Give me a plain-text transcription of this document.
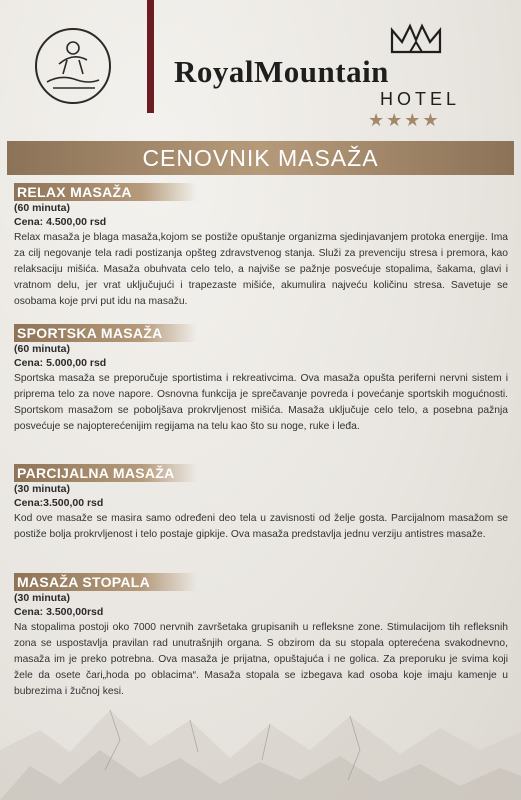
RoyalMountain
HOTEL
★★★★
CENOVNIK MASAŽA
RELAX MASAŽA
(60 minuta)
Cena: 4.500,00 rsd
Relax masaža je blaga masaža,kojom se postiže opuštanje organizma sjedinjavanjem protoka energije. Ima za cilj negovanje tela radi postizanja opšteg zdravstvenog stanja. Služi za prevenciju stresa i premora, kao relaksaciju mišića. Masaža obuhvata celo telo, a najviše se pažnje posvećuje stopalima, šakama, glavi i vratnom delu, jer vrat uključujući i trapezaste mišiće, akumulira najveću količinu stresa. Savetuje se osobama koje prvi put idu na masažu.
SPORTSKA MASAŽA
(60 minuta)
Cena: 5.000,00 rsd
Sportska masaža se preporučuje sportistima i rekreativcima. Ova masaža opušta periferni nervni sistem i priprema telo za nove napore. Osnovna funkcija je sprečavanje povreda i povećanje sportskih mogućnosti. Sportskom masažom se poboljšava prokrvljenost mišića. Masaža uključuje celo telo, a posebna pažnja posvećuje se najopterećenijim regijama na telu kao što su noge, ruke i leđa.
PARCIJALNA MASAŽA
(30 minuta)
Cena:3.500,00 rsd
Kod ove masaže se masira samo određeni deo tela u zavisnosti od želje gosta. Parcijalnom masažom se postiže bolja prokrvljenost i telo postaje gipkije. Ova masaža predstavlja jednu verziju antistres masaže.
MASAŽA STOPALA
(30 minuta)
Cena: 3.500,00rsd
Na stopalima postoji oko 7000 nervnih završetaka grupisanih u refleksne zone. Stimulacijom tih refleksnih zona se uspostavlja pravilan rad unutrašnjih organa. S obzirom da su stopala opterećena svakodnevno, masaža im je preko potrebna. Ova masaža je prijatna, opuštajuća i ne golica. Za preporuku je svima koji žele da osete čari„hoda po oblacima“. Masaža stopala se izbegava kad osoba koje imaju kamenje u bubrezima i žučnoj kesi.
